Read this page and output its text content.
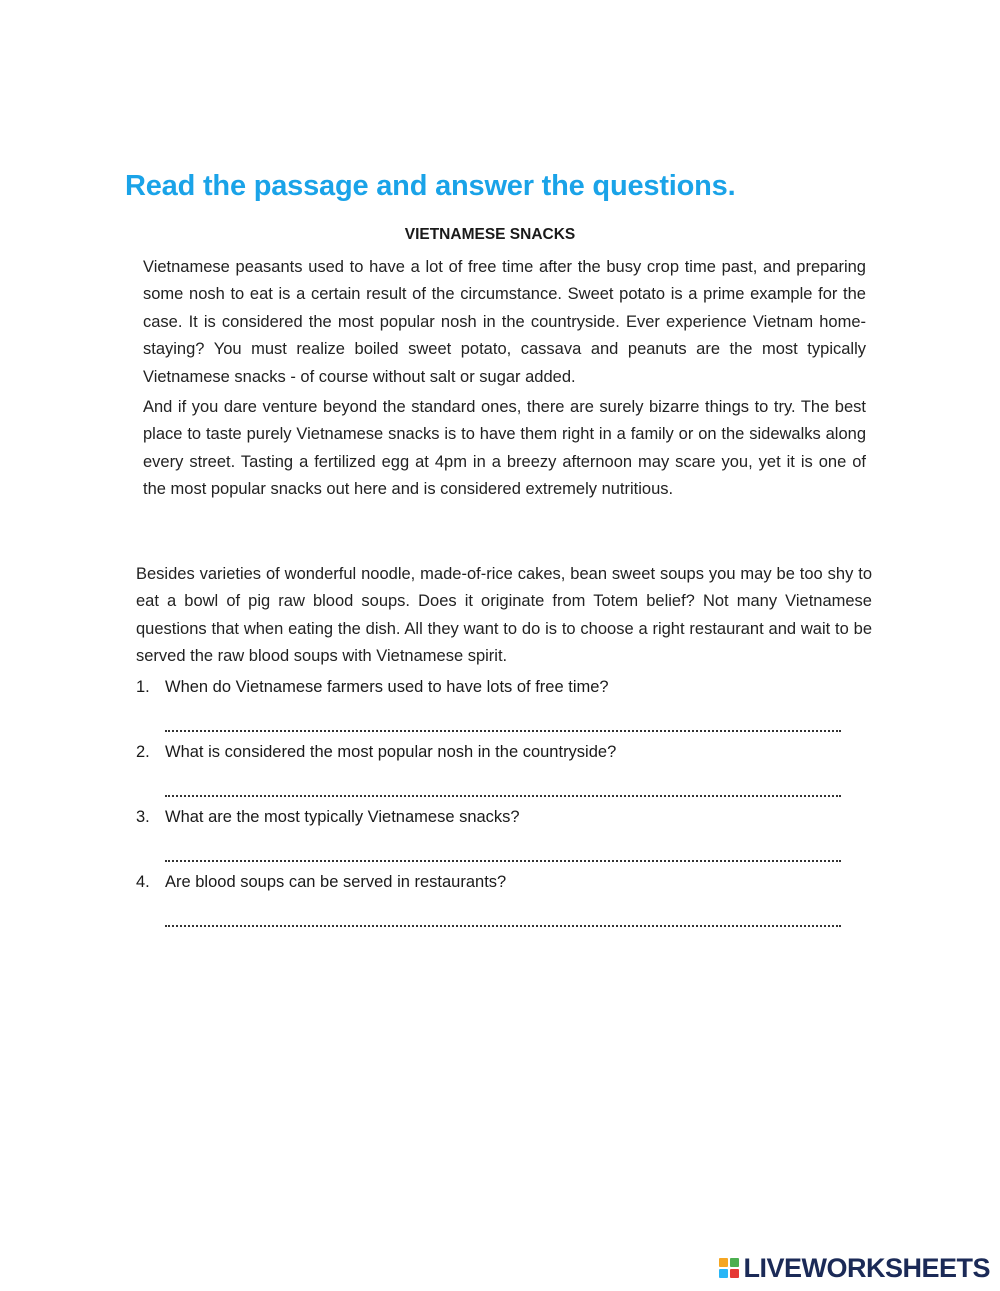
Read the passage and answer the questions.
VIETNAMESE SNACKS

Vietnamese peasants used to have a lot of free time after the busy crop time past, and preparing some nosh to eat is a certain result of the circumstance. Sweet potato is a prime example for the case. It is considered the most popular nosh in the countryside. Ever experience Vietnam home-staying? You must realize boiled sweet potato, cassava and peanuts are the most typically Vietnamese snacks - of course without salt or sugar added.

And if you dare venture beyond the standard ones, there are surely bizarre things to try. The best place to taste purely Vietnamese snacks is to have them right in a family or on the sidewalks along every street. Tasting a fertilized egg at 4pm in a breezy afternoon may scare you, yet it is one of the most popular snacks out here and is considered extremely nutritious.

Besides varieties of wonderful noodle, made-of-rice cakes, bean sweet soups you may be too shy to eat a bowl of pig raw blood soups. Does it originate from Totem belief? Not many Vietnamese questions that when eating the dish. All they want to do is to choose a right restaurant and wait to be served the raw blood soups with Vietnamese spirit.

1. When do Vietnamese farmers used to have lots of free time?
2. What is considered the most popular nosh in the countryside?
3. What are the most typically Vietnamese snacks?
4. Are blood soups can be served in restaurants?
LIVEWORKSHEETS
